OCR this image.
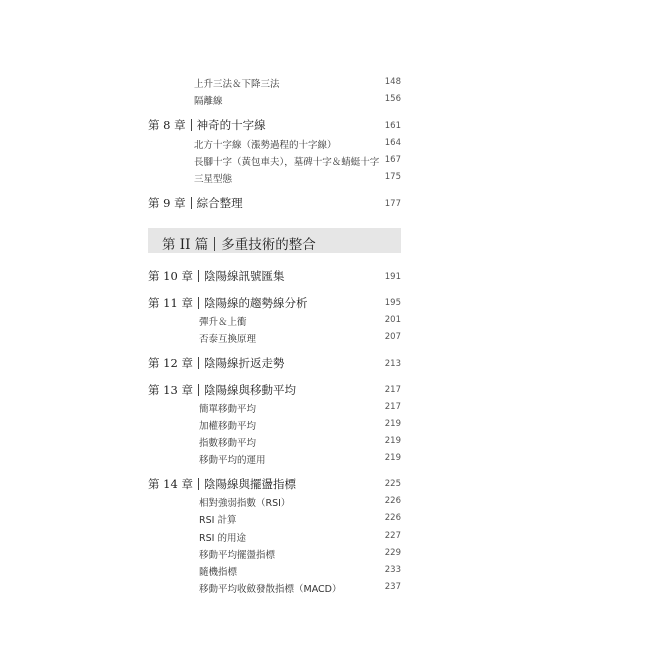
上升三法＆下降三法	148
隔離線	156
第 8 章 神奇的十字線	161
北方十字線（漲勢過程的十字線）	164
長腳十字（黃包車夫），墓碑十字＆蜻蜓十字 167
三星型態	175
第 9 章 綜合整理	177
第 II 篇 多重技術的整合
第 10 章 陰陽線訊號匯集	191
第 11 章 陰陽線的趨勢線分析	195
彈升＆上衝	201
否泰互換原理	207
第 12 章 陰陽線折返走勢	213
第 13 章 陰陽線與移動平均	217
簡單移動平均	217
加權移動平均	219
指數移動平均	219
移動平均的運用	219
第 14 章 陰陽線與擺盪指標	225
相對強弱指數（RSI）	226
RSI 計算	226
RSI 的用途	227
移動平均擺盪指標	229
隨機指標	233
移動平均收斂發散指標（MACD）	237
